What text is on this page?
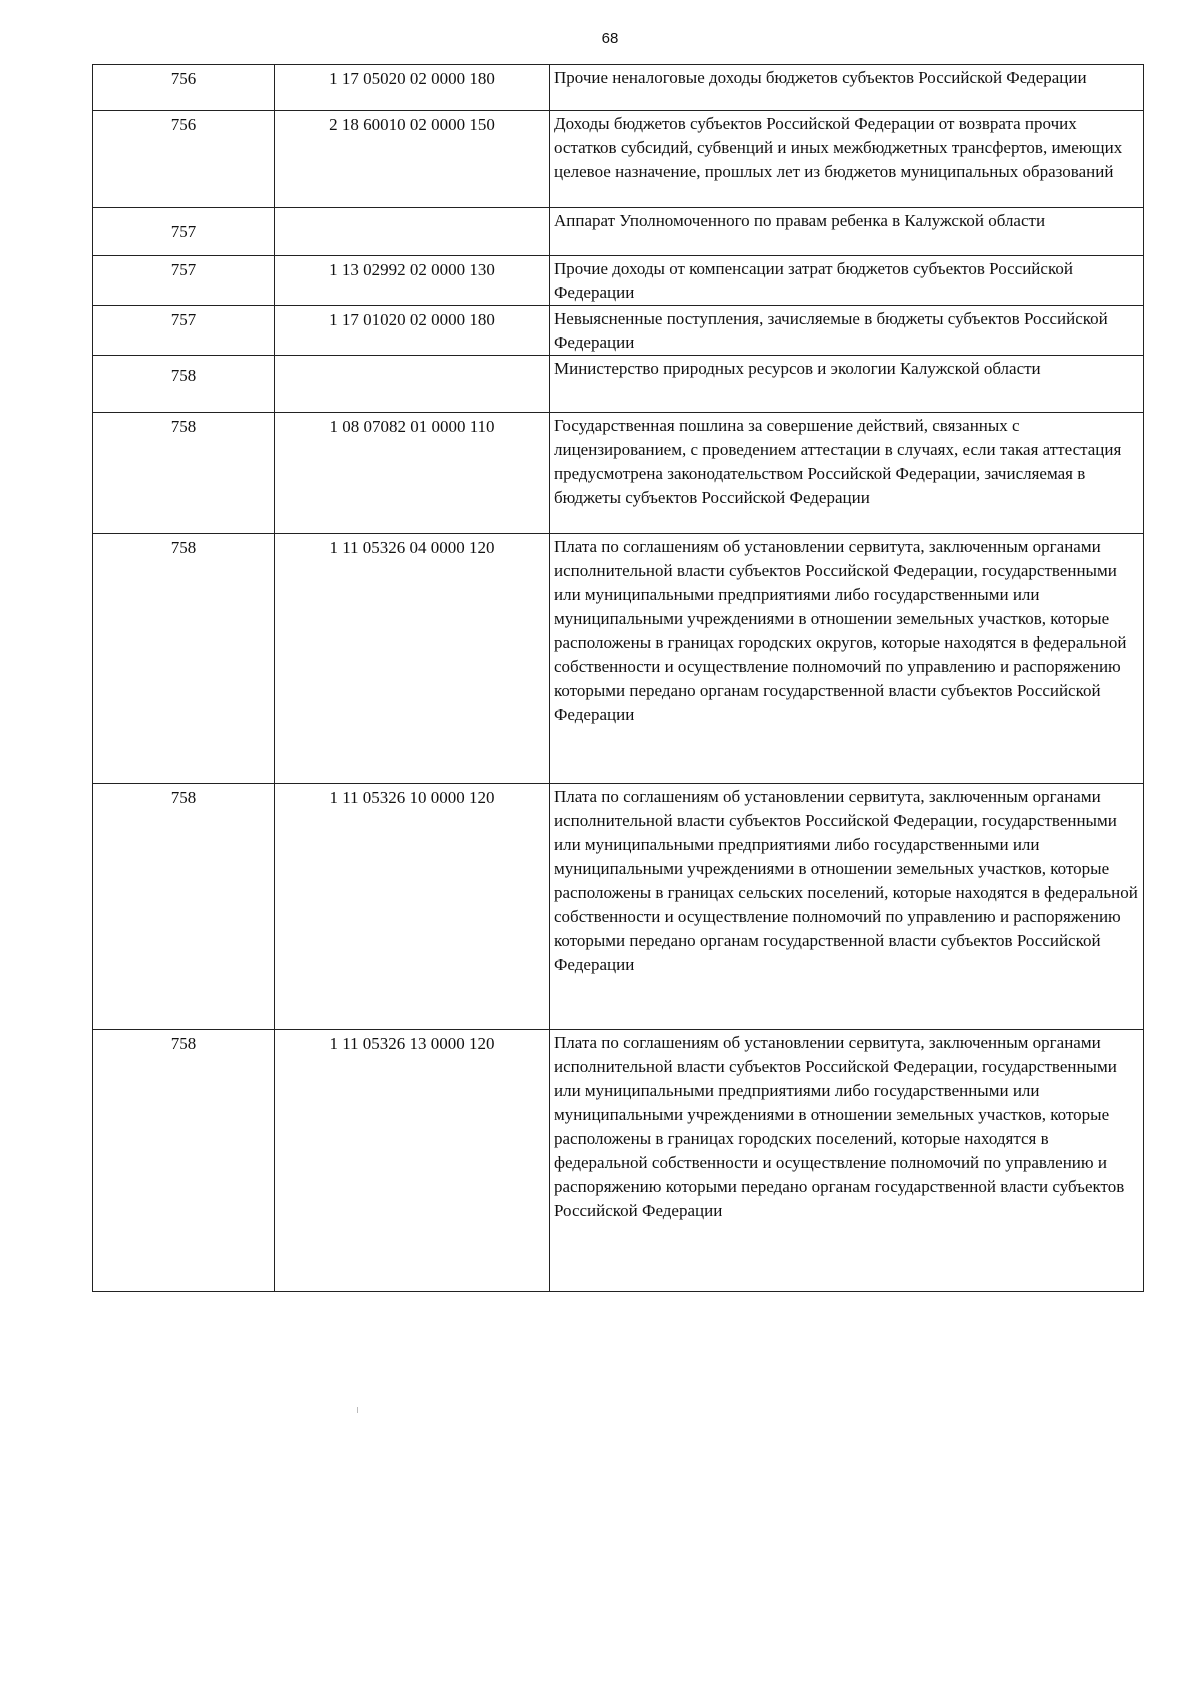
68
756	1 17 05020 02 0000 180	Прочие неналоговые доходы бюджетов субъектов Российской Федерации
756	2 18 60010 02 0000 150	Доходы бюджетов субъектов Российской Федерации от возврата прочих остатков субсидий, субвенций и иных межбюджетных трансфертов, имеющих целевое назначение, прошлых лет из бюджетов муниципальных образований
757		Аппарат Уполномоченного по правам ребенка в Калужской области
757	1 13 02992 02 0000 130	Прочие доходы от компенсации затрат бюджетов субъектов Российской Федерации
757	1 17 01020 02 0000 180	Невыясненные поступления, зачисляемые в бюджеты субъектов Российской Федерации
758		Министерство природных ресурсов и экологии Калужской области
758	1 08 07082 01 0000 110	Государственная пошлина за совершение действий, связанных с лицензированием, с проведением аттестации в случаях, если такая аттестация предусмотрена законодательством Российской Федерации, зачисляемая в бюджеты субъектов Российской Федерации
758	1 11 05326 04 0000 120	Плата по соглашениям об установлении сервитута, заключенным органами исполнительной власти субъектов Российской Федерации, государственными или муниципальными предприятиями либо государственными или муниципальными учреждениями в отношении земельных участков, которые расположены в границах городских округов, которые находятся в федеральной собственности и осуществление полномочий по управлению и распоряжению которыми передано органам государственной власти субъектов Российской Федерации
758	1 11 05326 10 0000 120	Плата по соглашениям об установлении сервитута, заключенным органами исполнительной власти субъектов Российской Федерации, государственными или муниципальными предприятиями либо государственными или муниципальными учреждениями в отношении земельных участков, которые расположены в границах сельских поселений, которые находятся в федеральной собственности и осуществление полномочий по управлению и распоряжению которыми передано органам государственной власти субъектов Российской Федерации
758	1 11 05326 13 0000 120	Плата по соглашениям об установлении сервитута, заключенным органами исполнительной власти субъектов Российской Федерации, государственными или муниципальными предприятиями либо государственными или муниципальными учреждениями в отношении земельных участков, которые расположены в границах городских поселений, которые находятся в федеральной собственности и осуществление полномочий по управлению и распоряжению которыми передано органам государственной власти субъектов Российской Федерации
